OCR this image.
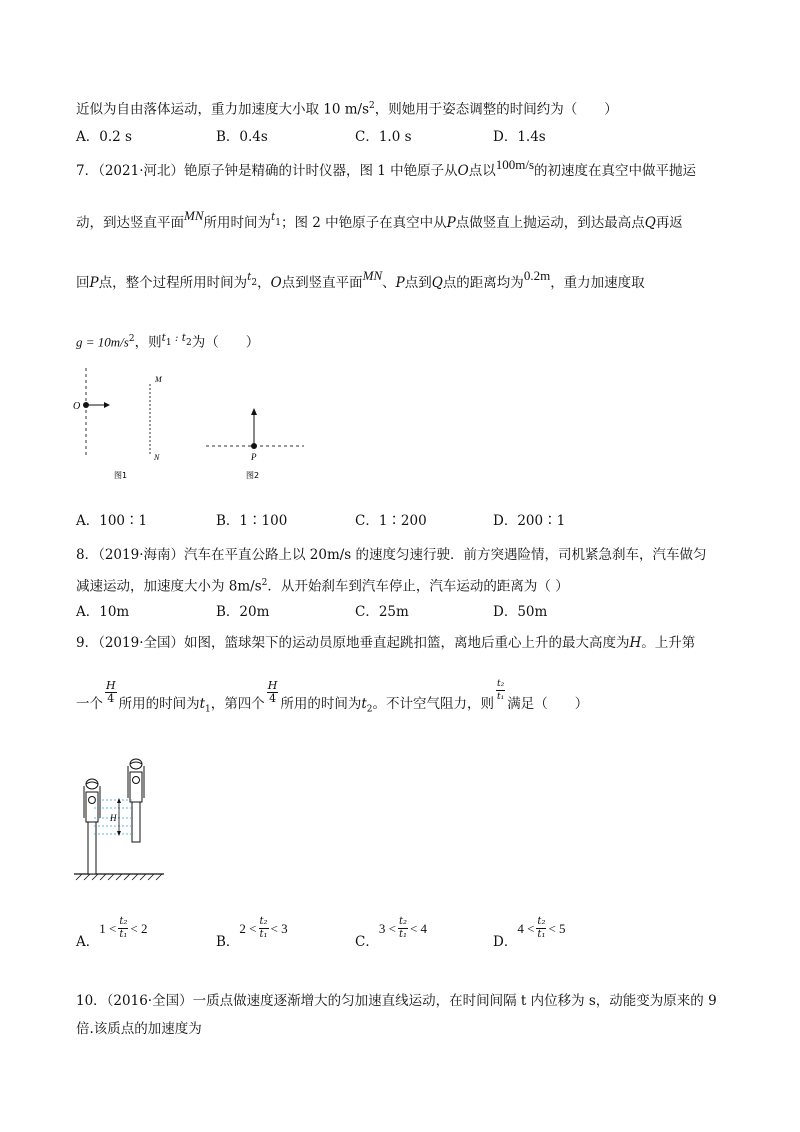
近似为自由落体运动，重力加速度大小取 10 $m/s^2$，则她用于姿态调整的时间约为（　　）
A．0.2 s	B．0.4s	C．1.0 s	D．1.4s
7．（2021·河北）铯原子钟是精确的计时仪器，图 1 中铯原子从O点以100m/s的初速度在真空中做平抛运
动，到达竖直平面MN所用时间为$^t_1$；图 2 中铯原子在真空中从P点做竖直上抛运动，到达最高点Q再返
回P点，整个过程所用时间为$^t_2$，O点到竖直平面MN、P点到Q点的距离均为0.2m，重力加速度取
$g = 10m/s^2$，则$^t_1$ $^{: t}_2$为（　　）
O
M
N
图1
P
图2
A．100∶1	B．1∶100	C．1∶200	D．200∶1
8．（2019·海南）汽车在平直公路上以 20m/s 的速度匀速行驶．前方突遇险情，司机紧急刹车，汽车做匀
减速运动，加速度大小为 $8m/s^2$．从开始刹车到汽车停止，汽车运动的距离为（ ）
A．10m	B．20m	C．25m	D．50m
9．（2019·全国）如图，篮球架下的运动员原地垂直起跳扣篮，离地后重心上升的最大高度为H。上升第
一个 $\frac{H}{4}$ 所用的时间为$t_1$，第四个 $\frac{H}{4}$ 所用的时间为$t_2$。不计空气阻力，则
$\frac{\text{t₂}}{\text{t₁}}$
满足（　　）
H
A．$1 < \frac{\text{t₂}}{\text{t₁}} < 2$
B．$2 < \frac{\text{t₂}}{\text{t₁}} < 3$
C．$3 < \frac{\text{t₂}}{\text{t₁}} < 4$
D．$4 < \frac{\text{t₂}}{\text{t₁}} < 5$
10．（2016·全国）一质点做速度逐渐增大的匀加速直线运动，在时间间隔 t 内位移为 s，动能变为原来的 9
倍.该质点的加速度为
